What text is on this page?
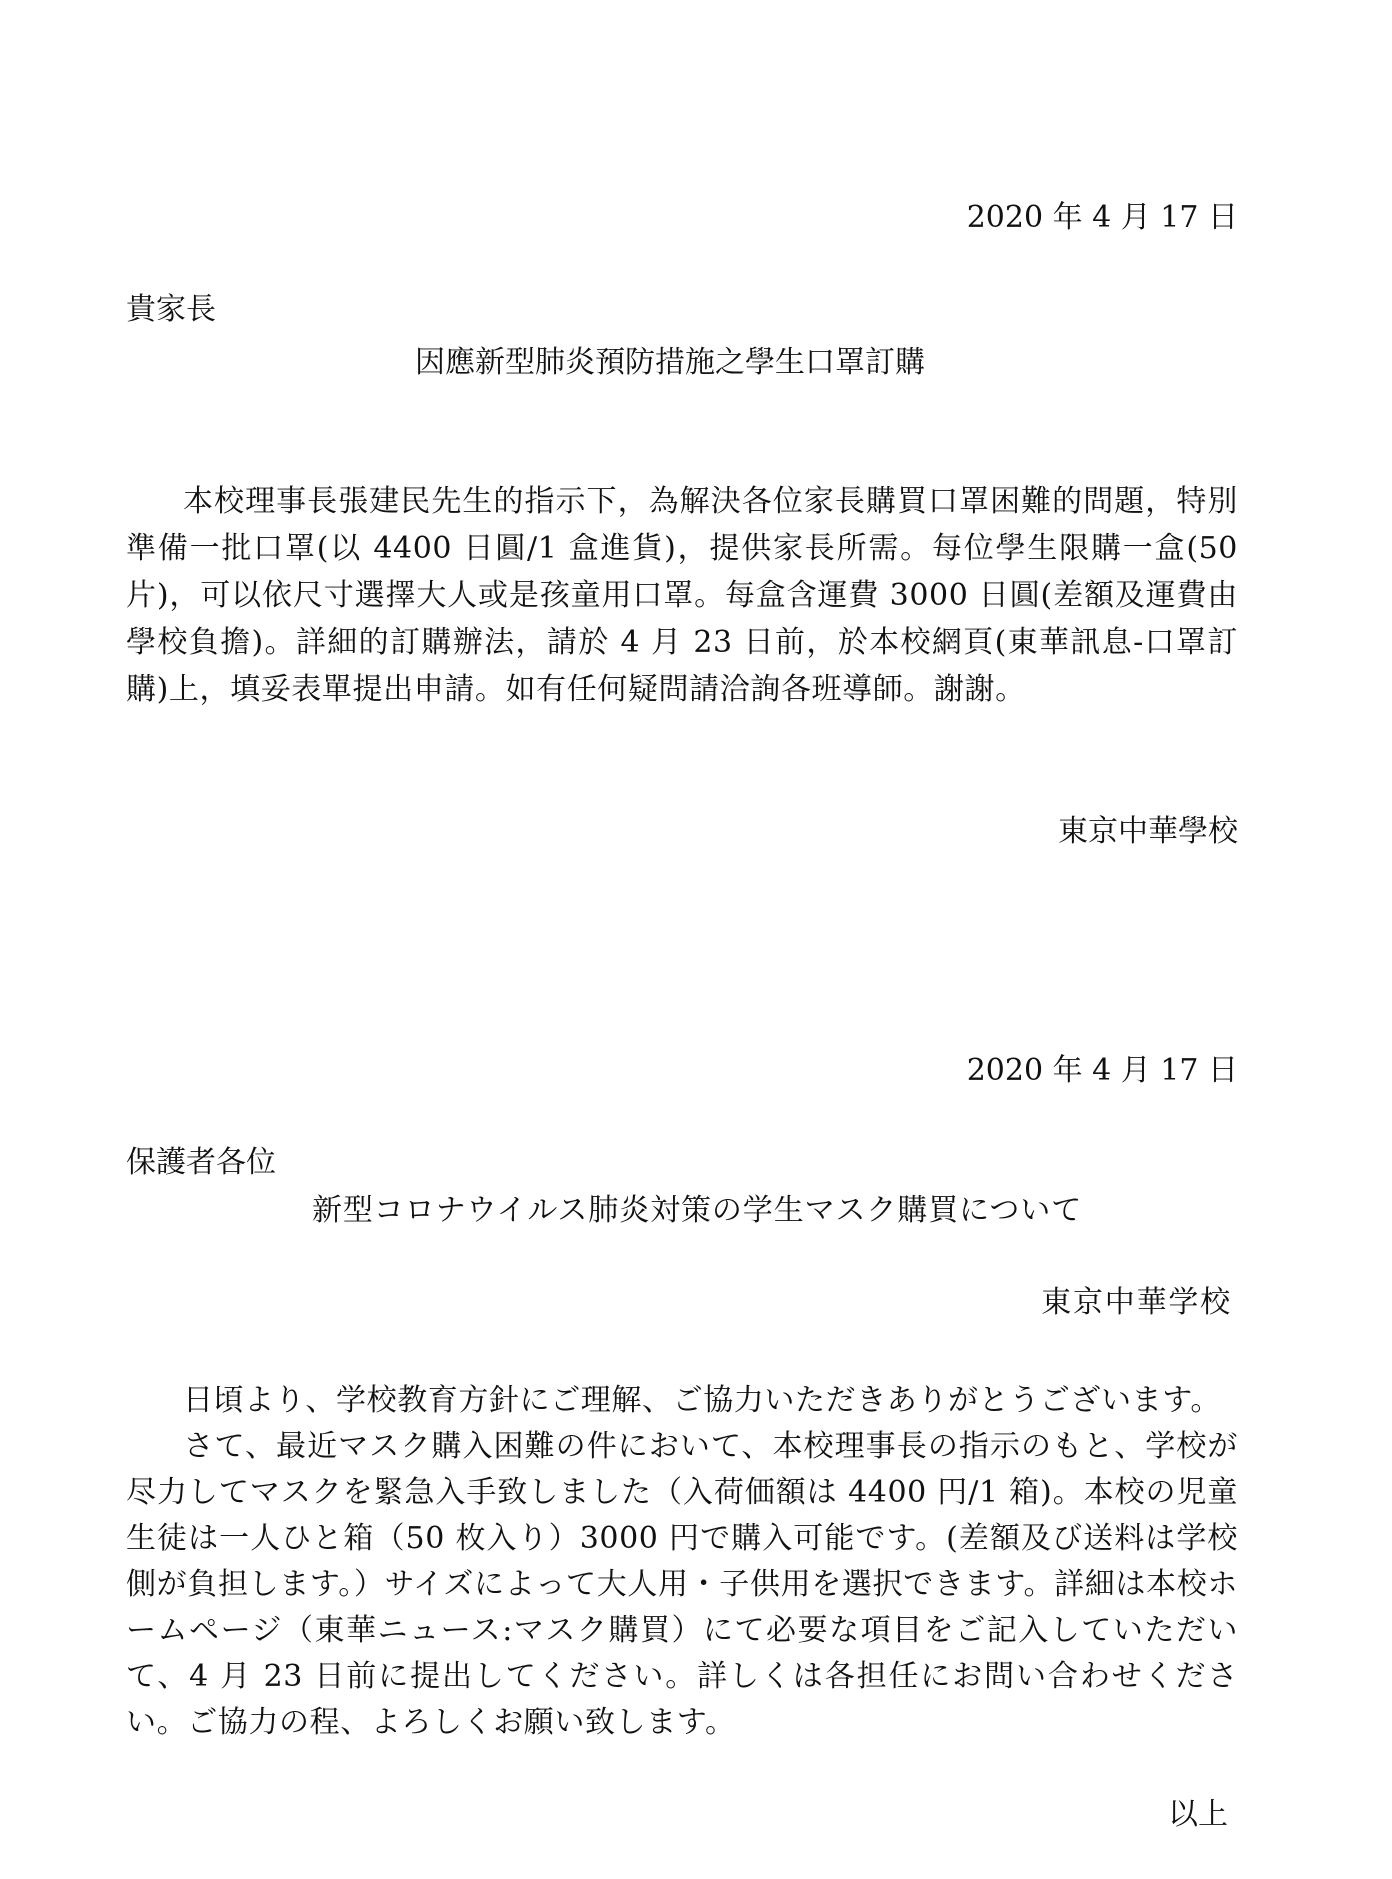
2020 年 4 月 17 日

貴家長

因應新型肺炎預防措施之學生口罩訂購

本校理事長張建民先生的指示下，為解決各位家長購買口罩困難的問題，特別準備一批口罩(以 4400 日圓/1 盒進貨)，提供家長所需。每位學生限購一盒(50 片)，可以依尺寸選擇大人或是孩童用口罩。每盒含運費 3000 日圓(差額及運費由學校負擔)。詳細的訂購辦法，請於 4 月 23 日前，於本校網頁(東華訊息-口罩訂購)上，填妥表單提出申請。如有任何疑問請洽詢各班導師。謝謝。

東京中華學校

2020 年 4 月 17 日

保護者各位

新型コロナウイルス肺炎対策の学生マスク購買について

東京中華学校

日頃より、学校教育方針にご理解、ご協力いただきありがとうございます。
さて、最近マスク購入困難の件において、本校理事長の指示のもと、学校が尽力してマスクを緊急入手致しました（入荷価額は 4400 円/1 箱)。本校の児童生徒は一人ひと箱（50 枚入り）3000 円で購入可能です。(差額及び送料は学校側が負担します。）サイズによって大人用・子供用を選択できます。詳細は本校ホームページ（東華ニュース:マスク購買）にて必要な項目をご記入していただいて、4 月 23 日前に提出してください。詳しくは各担任にお問い合わせください。ご協力の程、よろしくお願い致します。

以上
